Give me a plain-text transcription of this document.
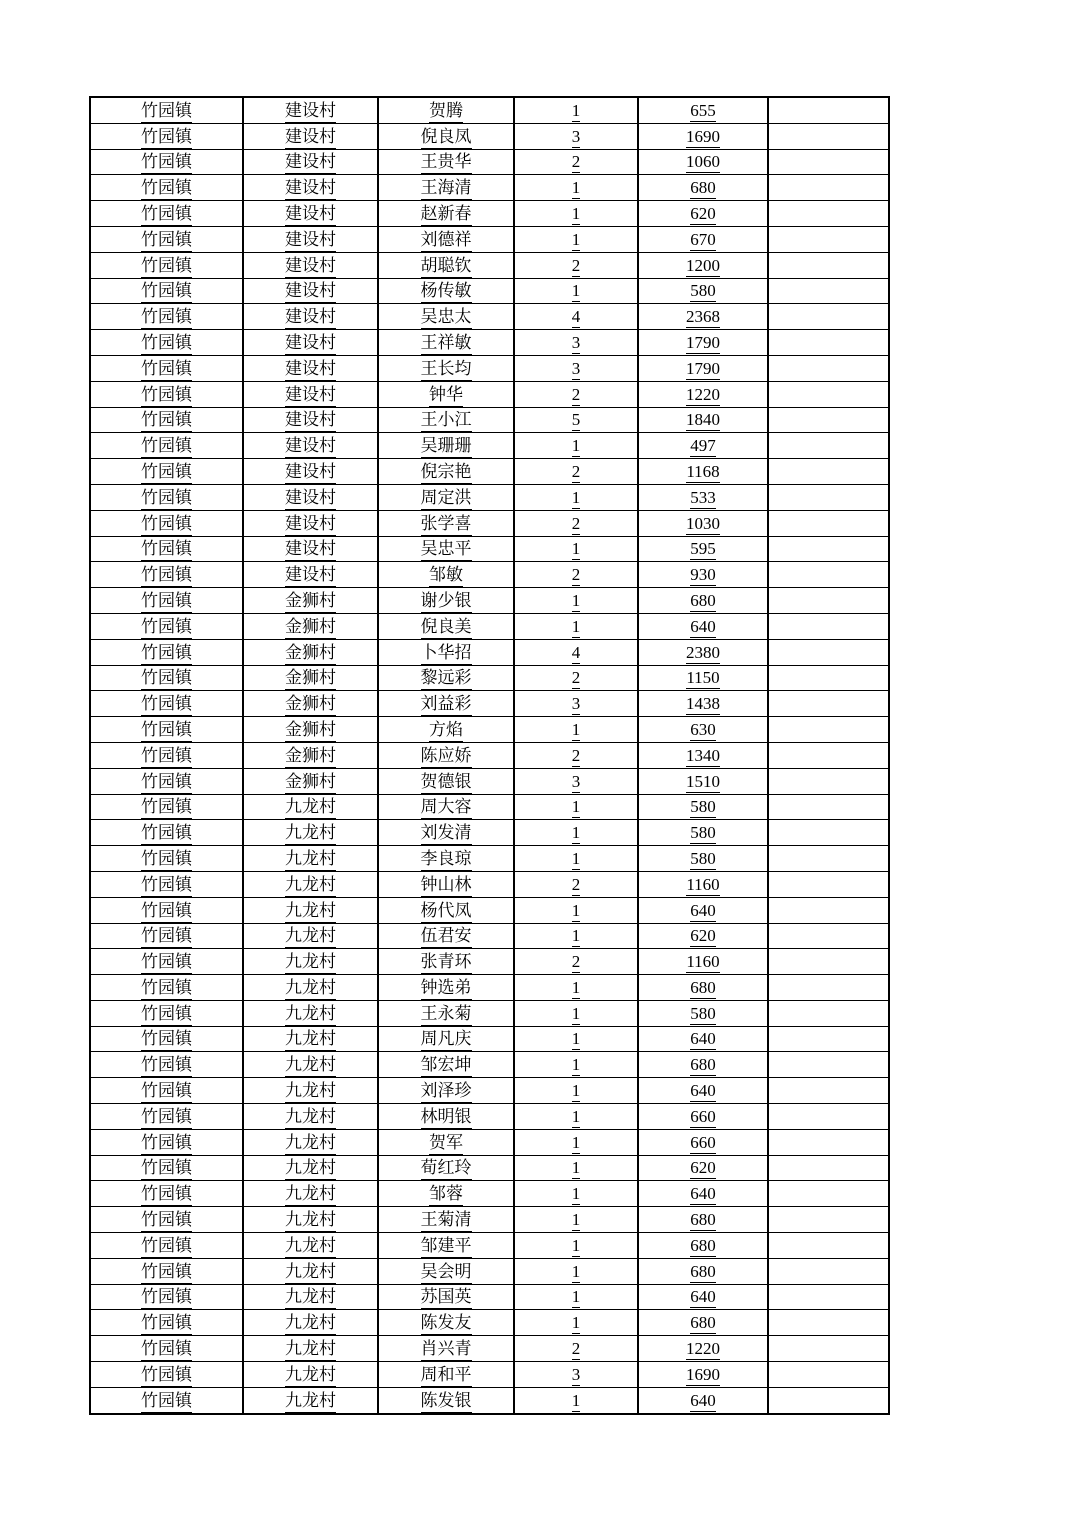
竹园镇	建设村	贺腾	1	655	
竹园镇	建设村	倪良凤	3	1690	
竹园镇	建设村	王贵华	2	1060	
竹园镇	建设村	王海清	1	680	
竹园镇	建设村	赵新春	1	620	
竹园镇	建设村	刘德祥	1	670	
竹园镇	建设村	胡聪钦	2	1200	
竹园镇	建设村	杨传敏	1	580	
竹园镇	建设村	吴忠太	4	2368	
竹园镇	建设村	王祥敏	3	1790	
竹园镇	建设村	王长均	3	1790	
竹园镇	建设村	钟华	2	1220	
竹园镇	建设村	王小江	5	1840	
竹园镇	建设村	吴珊珊	1	497	
竹园镇	建设村	倪宗艳	2	1168	
竹园镇	建设村	周定洪	1	533	
竹园镇	建设村	张学喜	2	1030	
竹园镇	建设村	吴忠平	1	595	
竹园镇	建设村	邹敏	2	930	
竹园镇	金狮村	谢少银	1	680	
竹园镇	金狮村	倪良美	1	640	
竹园镇	金狮村	卜华招	4	2380	
竹园镇	金狮村	黎远彩	2	1150	
竹园镇	金狮村	刘益彩	3	1438	
竹园镇	金狮村	方焰	1	630	
竹园镇	金狮村	陈应娇	2	1340	
竹园镇	金狮村	贺德银	3	1510	
竹园镇	九龙村	周大容	1	580	
竹园镇	九龙村	刘发清	1	580	
竹园镇	九龙村	李良琼	1	580	
竹园镇	九龙村	钟山林	2	1160	
竹园镇	九龙村	杨代凤	1	640	
竹园镇	九龙村	伍君安	1	620	
竹园镇	九龙村	张青环	2	1160	
竹园镇	九龙村	钟选弟	1	680	
竹园镇	九龙村	王永菊	1	580	
竹园镇	九龙村	周凡庆	1	640	
竹园镇	九龙村	邹宏坤	1	680	
竹园镇	九龙村	刘泽珍	1	640	
竹园镇	九龙村	林明银	1	660	
竹园镇	九龙村	贺军	1	660	
竹园镇	九龙村	荀红玲	1	620	
竹园镇	九龙村	邹蓉	1	640	
竹园镇	九龙村	王菊清	1	680	
竹园镇	九龙村	邹建平	1	680	
竹园镇	九龙村	吴会明	1	680	
竹园镇	九龙村	苏国英	1	640	
竹园镇	九龙村	陈发友	1	680	
竹园镇	九龙村	肖兴青	2	1220	
竹园镇	九龙村	周和平	3	1690	
竹园镇	九龙村	陈发银	1	640	
